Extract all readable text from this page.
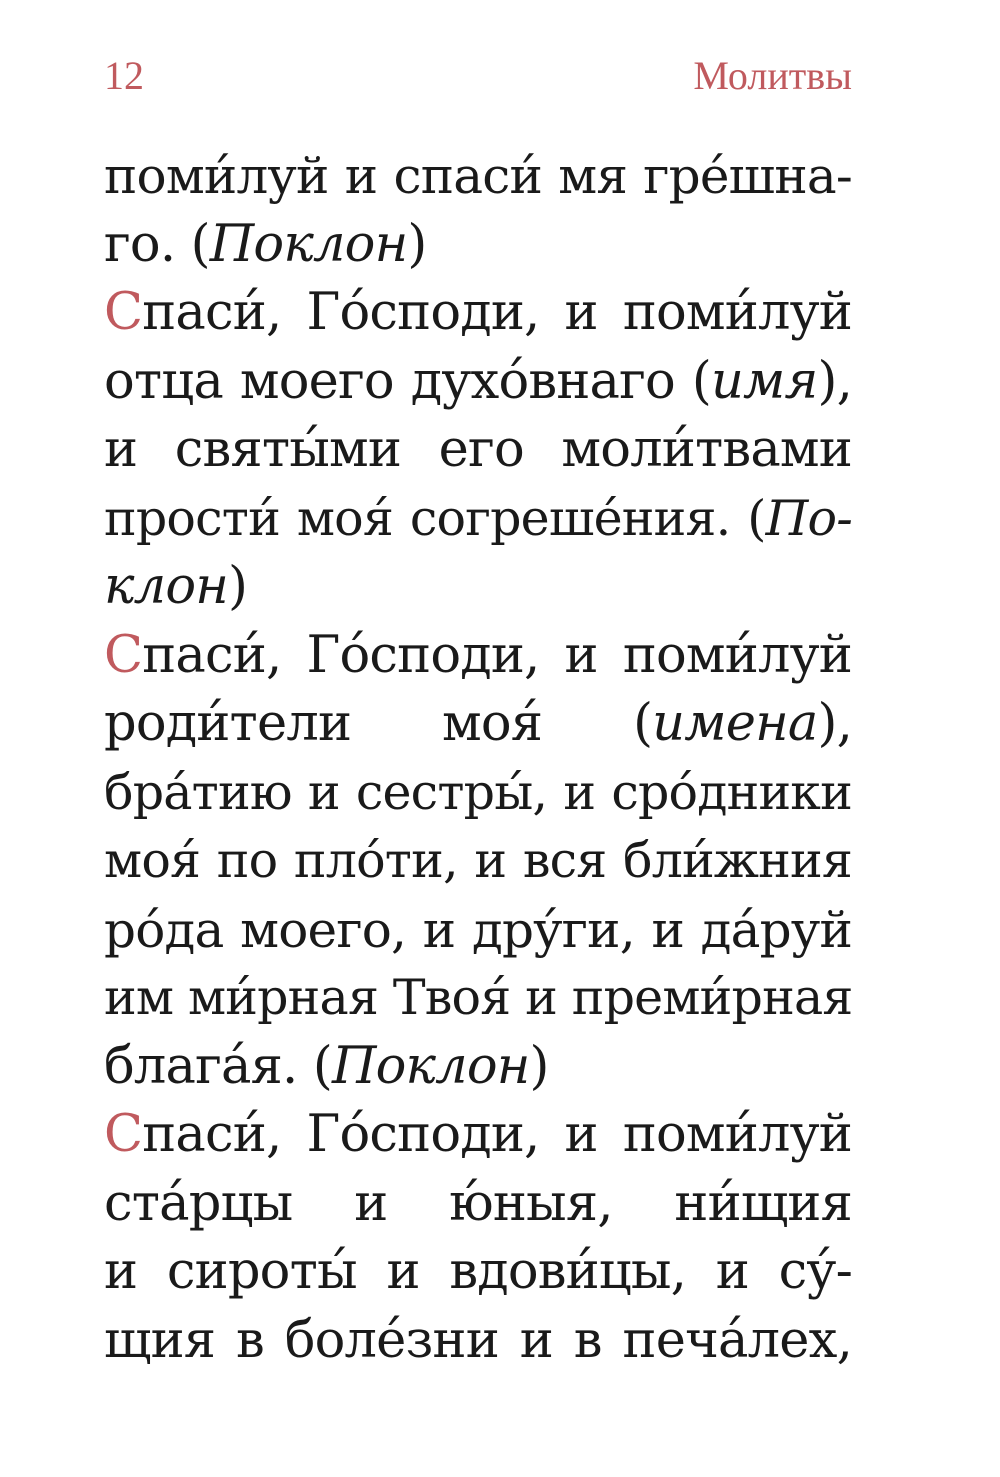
12	Молитвы
поми́луй и спаси́ мя гре́шна-
го. (Поклон)
Спаси́, Го́споди, и поми́луй
отца моего духо́внаго (имя),
и святы́ми его моли́твами
прости́ моя́ согреше́ния. (По-
клон)
Спаси́, Го́споди, и поми́луй
роди́тели моя́ (имена),
бра́тию и сестры́, и сро́дники
моя́ по пло́ти, и вся бли́жния
ро́да моего, и дру́ги, и да́руй
им ми́рная Твоя́ и преми́рная
блага́я. (Поклон)
Спаси́, Го́споди, и поми́луй
ста́рцы и ю́ныя, ни́щия
и сироты́ и вдови́цы, и су́-
щия в боле́зни и в печа́лех,
